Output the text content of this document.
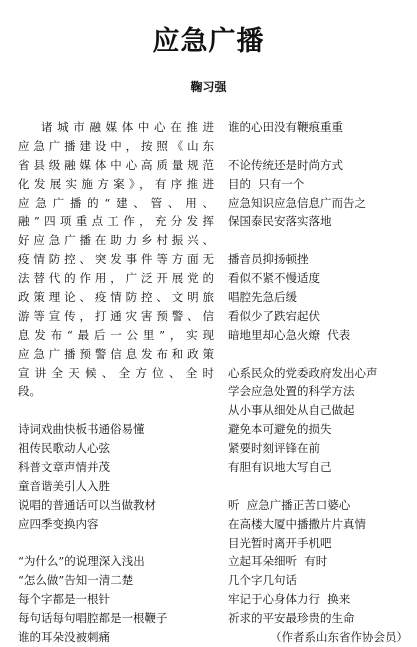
应急广播
鞠习强
诸城市融媒体中心在推进
应急广播建设中，按照《山东
省县级融媒体中心高质量规范
化发展实施方案》，有序推进
应急广播的“建、管、用、
融”四项重点工作，充分发挥
好应急广播在助力乡村振兴、
疫情防控、突发事件等方面无
法替代的作用，广泛开展党的
政策理论、疫情防控、文明旅
游等宣传，打通灾害预警、信
息发布“最后一公里”，实现
应急广播预警信息发布和政策
宣讲全天候、全方位、全时
段。
诗词戏曲快板书通俗易懂
祖传民歌动人心弦
科普文章声情并茂
童音谐美引人入胜
说唱的普通话可以当做教材
应四季变换内容
“为什么”的说理深入浅出
“怎么做”告知一清二楚
每个字都是一根针
每句话每句唱腔都是一根鞭子
谁的耳朵没被刺痛
谁的心田没有鞭痕重重
不论传统还是时尚方式
目的  只有一个
应急知识应急信息广而告之
保国泰民安落实落地
播音员抑扬顿挫
看似不紧不慢适度
唱腔先急后缓
看似少了跌宕起伏
暗地里却心急火燎  代表
心系民众的党委政府发出心声
学会应急处置的科学方法
从小事从细处从自己做起
避免本可避免的损失
紧要时刻评锋在前
有胆有识地大写自己
听  应急广播正苦口婆心
在高楼大厦中播撒片片真情
目光暂时离开手机吧
立起耳朵细听  有时
几个字几句话
牢记于心身体力行  换来
祈求的平安最珍贵的生命
（作者系山东省作协会员）
